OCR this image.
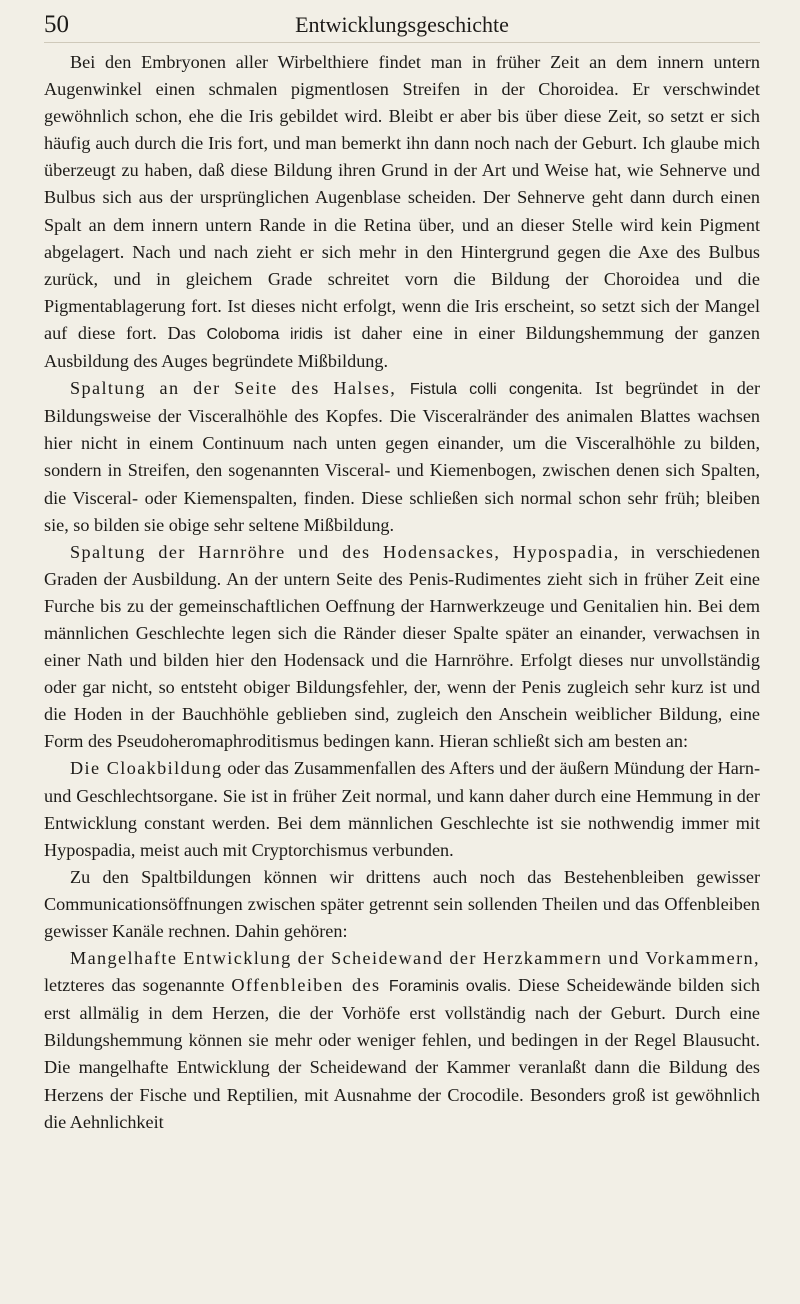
50	Entwicklungsgeschichte

Bei den Embryonen aller Wirbelthiere findet man in früher Zeit an dem innern untern Augenwinkel einen schmalen pigmentlosen Streifen in der Choroidea. Er verschwindet gewöhnlich schon, ehe die Iris gebildet wird. Bleibt er aber bis über diese Zeit, so setzt er sich häufig auch durch die Iris fort, und man bemerkt ihn dann noch nach der Geburt. Ich glaube mich überzeugt zu haben, daß diese Bildung ihren Grund in der Art und Weise hat, wie Sehnerve und Bulbus sich aus der ursprünglichen Augenblase scheiden. Der Sehnerve geht dann durch einen Spalt an dem innern untern Rande in die Retina über, und an dieser Stelle wird kein Pigment abgelagert. Nach und nach zieht er sich mehr in den Hintergrund gegen die Axe des Bulbus zurück, und in gleichem Grade schreitet vorn die Bildung der Choroidea und die Pigmentablagerung fort. Ist dieses nicht erfolgt, wenn die Iris erscheint, so setzt sich der Mangel auf diese fort. Das Coloboma iridis ist daher eine in einer Bildungshemmung der ganzen Ausbildung des Auges begründete Mißbildung.

Spaltung an der Seite des Halses, Fistula colli congenita. Ist begründet in der Bildungsweise der Visceralhöhle des Kopfes. Die Visceralränder des animalen Blattes wachsen hier nicht in einem Continuum nach unten gegen einander, um die Visceralhöhle zu bilden, sondern in Streifen, den sogenannten Visceral- und Kiemenbogen, zwischen denen sich Spalten, die Visceral- oder Kiemenspalten, finden. Diese schließen sich normal schon sehr früh; bleiben sie, so bilden sie obige sehr seltene Mißbildung.

Spaltung der Harnröhre und des Hodensackes, Hypospadia, in verschiedenen Graden der Ausbildung. An der untern Seite des Penis-Rudimentes zieht sich in früher Zeit eine Furche bis zu der gemeinschaftlichen Oeffnung der Harnwerkzeuge und Genitalien hin. Bei dem männlichen Geschlechte legen sich die Ränder dieser Spalte später an einander, verwachsen in einer Nath und bilden hier den Hodensack und die Harnröhre. Erfolgt dieses nur unvollständig oder gar nicht, so entsteht obiger Bildungsfehler, der, wenn der Penis zugleich sehr kurz ist und die Hoden in der Bauchhöhle geblieben sind, zugleich den Anschein weiblicher Bildung, eine Form des Pseudoheromaphroditismus bedingen kann. Hieran schließt sich am besten an:

Die Cloakbildung oder das Zusammenfallen des Afters und der äußern Mündung der Harn- und Geschlechtsorgane. Sie ist in früher Zeit normal, und kann daher durch eine Hemmung in der Entwicklung constant werden. Bei dem männlichen Geschlechte ist sie nothwendig immer mit Hypospadia, meist auch mit Cryptorchismus verbunden.

Zu den Spaltbildungen können wir drittens auch noch das Bestehenbleiben gewisser Communicationsöffnungen zwischen später getrennt sein sollenden Theilen und das Offenbleiben gewisser Kanäle rechnen. Dahin gehören:

Mangelhafte Entwicklung der Scheidewand der Herzkammern und Vorkammern, letzteres das sogenannte Offenbleiben des Foraminis ovalis. Diese Scheidewände bilden sich erst allmälig in dem Herzen, die der Vorhöfe erst vollständig nach der Geburt. Durch eine Bildungshemmung können sie mehr oder weniger fehlen, und bedingen in der Regel Blausucht. Die mangelhafte Entwicklung der Scheidewand der Kammer veranlaßt dann die Bildung des Herzens der Fische und Reptilien, mit Ausnahme der Crocodile. Besonders groß ist gewöhnlich die Aehnlichkeit
